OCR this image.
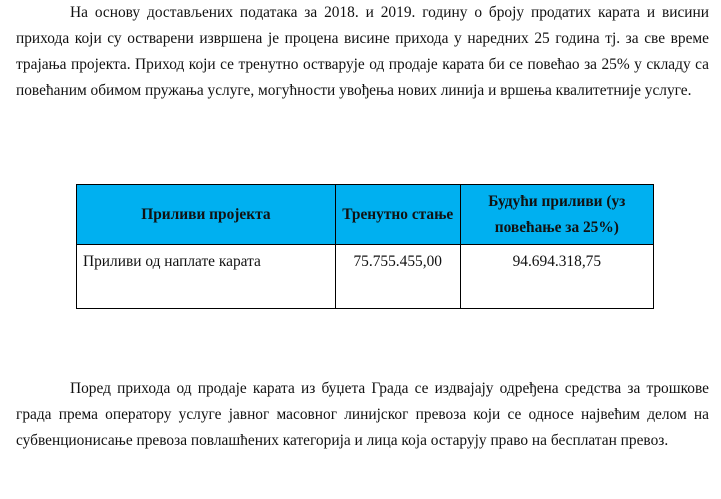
На основу достављених података за 2018. и 2019. годину о броју продатих карата и висини прихода који су остварени извршена је процена висине прихода у наредних 25 година тј. за све време трајања пројекта. Приход који се тренутно остварује од продаје карата би се повећао за 25% у складу са повећаним обимом пружања услуге, могућности увођења нових линија и вршења квалитетније услуге.

Приливи пројекта	Тренутно стање	Будући приливи (уз повећање за 25%)
Приливи од наплате карата	75.755.455,00	94.694.318,75

Поред прихода од продаје карата из буџета Града се издвајају одређена средства за трошкове града према оператору услуге јавног масовног линијског превоза који се односе највећим делом на субвенционисање превоза повлашћених категорија и лица која остарују право на бесплатан превоз.
